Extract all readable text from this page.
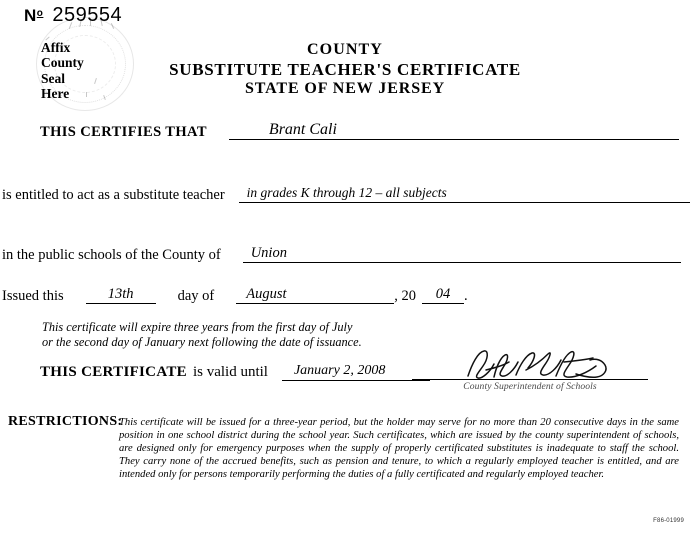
$N^o$ 259554
Affix
County
Seal
Here
COUNTY
SUBSTITUTE TEACHER'S CERTIFICATE
STATE OF NEW JERSEY
THIS CERTIFIES THAT	Brant Cali
is entitled to act as a substitute teacher	in grades K through 12 – all subjects
in the public schools of the County of	Union
Issued this	13th	day of	August	, 20	04 .
This certificate will expire three years from the first day of July
or the second day of January next following the date of issuance.
THIS CERTIFICATE is valid until	January 2, 2008
County Superintendent of Schools
RESTRICTIONS:
This certificate will be issued for a three-year period, but the holder may serve for no more than 20 consecutive days in the same position in one school district during the school year. Such certificates, which are issued by the county superintendent of schools, are designed only for emergency purposes when the supply of properly certificated substitutes is inadequate to staff the school. They carry none of the accrued benefits, such as pension and tenure, to which a regularly employed teacher is entitled, and are intended only for persons temporarily performing the duties of a fully certificated and regularly employed teacher.
F86-01999
